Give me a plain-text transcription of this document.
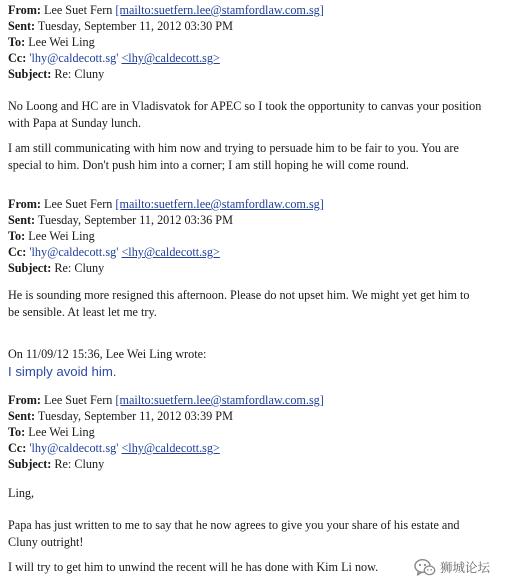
From: Lee Suet Fern [mailto:suetfern.lee@stamfordlaw.com.sg]
Sent: Tuesday, September 11, 2012 03:30 PM
To: Lee Wei Ling
Cc: 'lhy@caldecott.sg' <lhy@caldecott.sg>
Subject: Re: Cluny
No Loong and HC are in Vladisvatok for APEC so I took the opportunity to canvas your position
with Papa at Sunday lunch.
I am still communicating with him now and trying to persuade him to be fair to you. You are
special to him. Don't push him into a corner; I am still hoping he will come round.
From: Lee Suet Fern [mailto:suetfern.lee@stamfordlaw.com.sg]
Sent: Tuesday, September 11, 2012 03:36 PM
To: Lee Wei Ling
Cc: 'lhy@caldecott.sg' <lhy@caldecott.sg>
Subject: Re: Cluny
He is sounding more resigned this afternoon. Please do not upset him. We might yet get him to
be sensible. At least let me try.
On 11/09/12 15:36, Lee Wei Ling wrote:
I simply avoid him.
From: Lee Suet Fern [mailto:suetfern.lee@stamfordlaw.com.sg]
Sent: Tuesday, September 11, 2012 03:39 PM
To: Lee Wei Ling
Cc: 'lhy@caldecott.sg' <lhy@caldecott.sg>
Subject: Re: Cluny
Ling,
Papa has just written to me to say that he now agrees to give you your share of his estate and
Cluny outright!
I will try to get him to unwind the recent will he has done with Kim Li now.	狮城论坛
